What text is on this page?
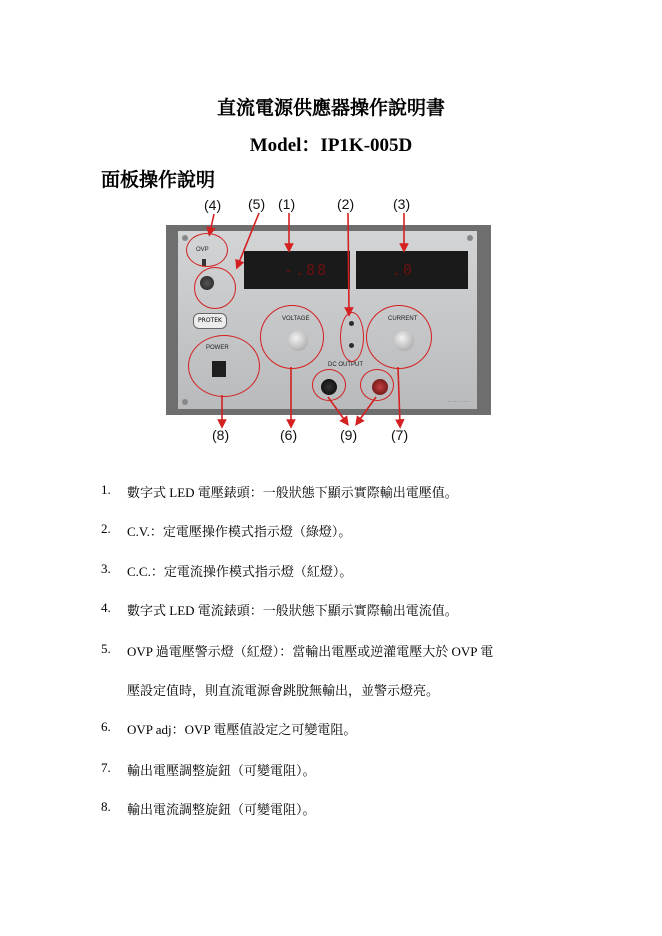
直流電源供應器操作說明書
Model：IP1K-005D
面板操作說明
(4) (5) (1)	(2)	(3)
OVP
-.88	.0
PROTEK
POWER
VOLTAGE	CURRENT
DC OUTPUT
··········
(8)	(6)	(9) (7)
1. 數字式 LED 電壓錶頭：一般狀態下顯示實際輸出電壓值。
2. C.V.：定電壓操作模式指示燈（綠燈）。
3. C.C.：定電流操作模式指示燈（紅燈）。
4. 數字式 LED 電流錶頭：一般狀態下顯示實際輸出電流值。
5. OVP 過電壓警示燈（紅燈）：當輸出電壓或逆灌電壓大於 OVP 電
壓設定值時，則直流電源會跳脫無輸出，並警示燈亮。
6. OVP adj：OVP 電壓值設定之可變電阻。
7. 輸出電壓調整旋鈕（可變電阻）。
8. 輸出電流調整旋鈕（可變電阻）。
